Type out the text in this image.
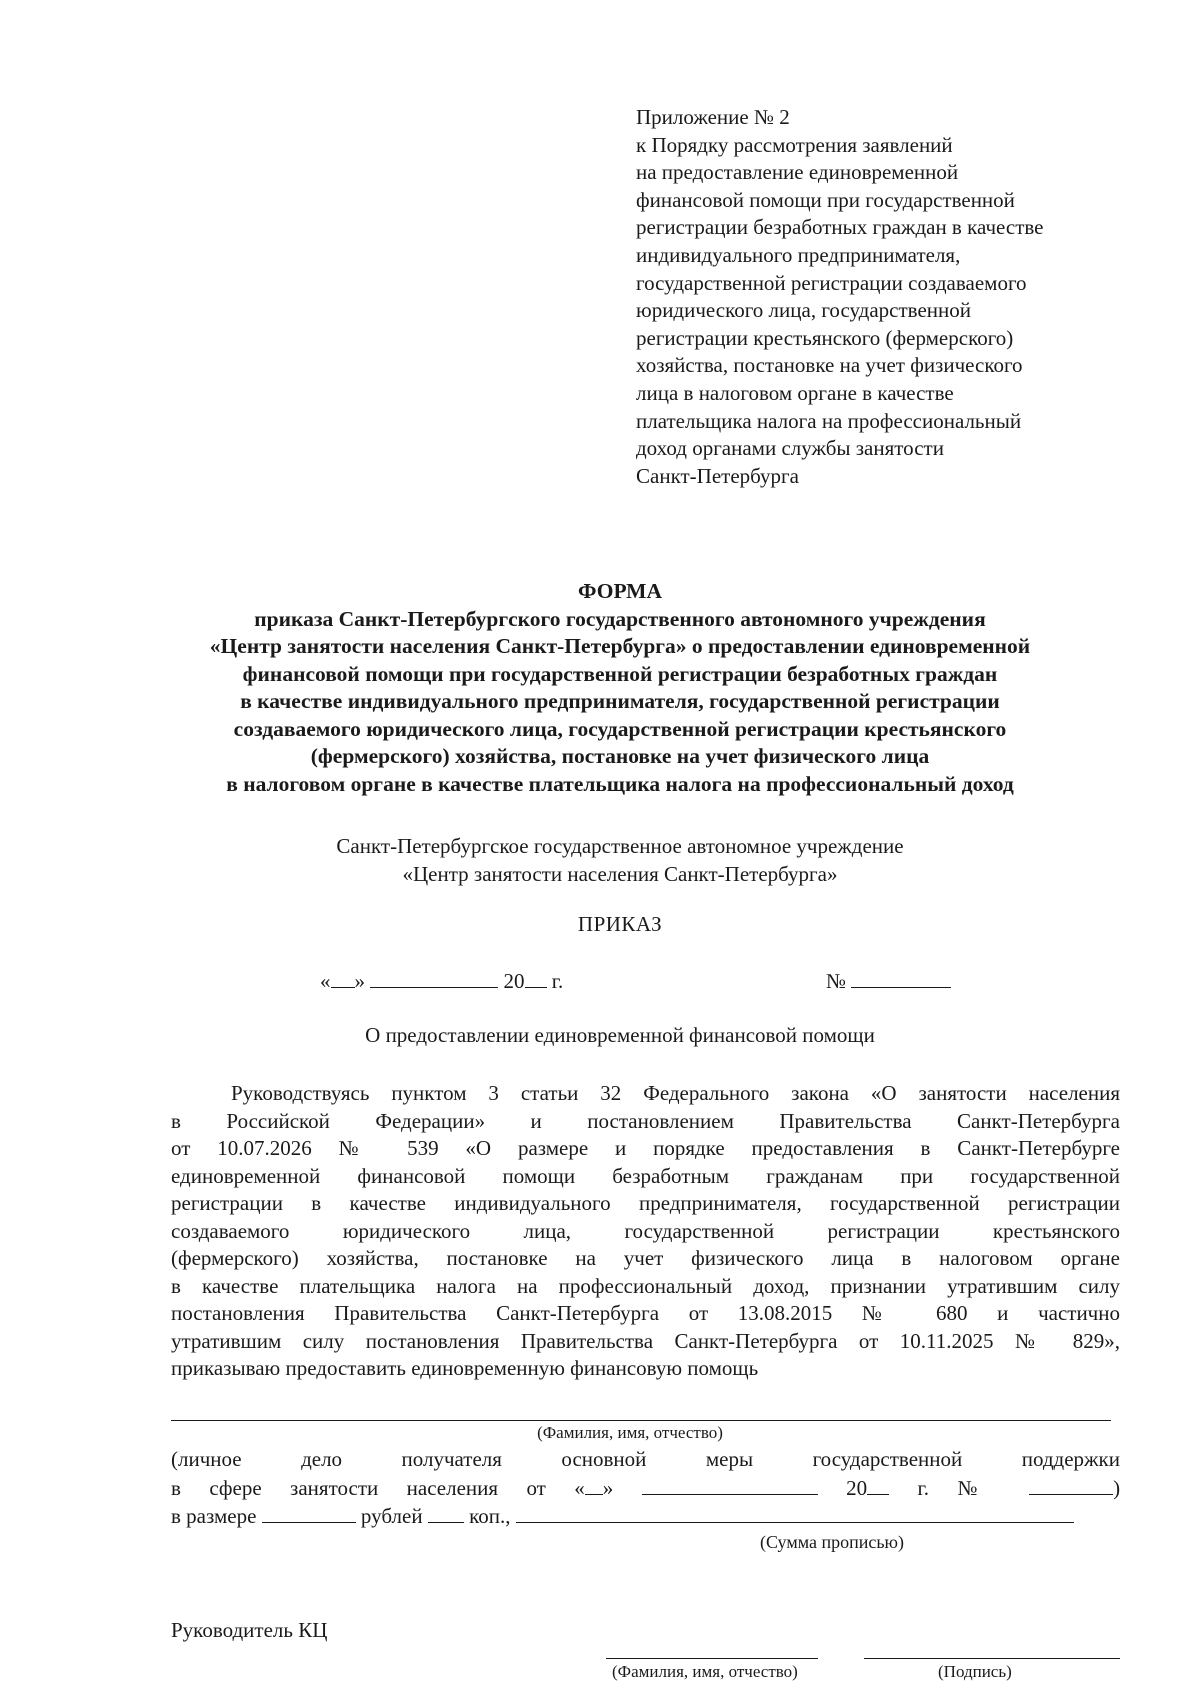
Приложение № 2
к Порядку рассмотрения заявлений
на предоставление единовременной
финансовой помощи при государственной
регистрации безработных граждан в качестве
индивидуального предпринимателя,
государственной регистрации создаваемого
юридического лица, государственной
регистрации крестьянского (фермерского)
хозяйства, постановке на учет физического
лица в налоговом органе в качестве
плательщика налога на профессиональный
доход органами службы занятости
Санкт-Петербурга
ФОРМА
приказа Санкт-Петербургского государственного автономного учреждения
«Центр занятости населения Санкт-Петербурга» о предоставлении единовременной
финансовой помощи при государственной регистрации безработных граждан
в качестве индивидуального предпринимателя, государственной регистрации
создаваемого юридического лица, государственной регистрации крестьянского
(фермерского) хозяйства, постановке на учет физического лица
в налоговом органе в качестве плательщика налога на профессиональный доход
Санкт-Петербургское государственное автономное учреждение
«Центр занятости населения Санкт-Петербурга»
ПРИКАЗ
« »	20 г.	№
О предоставлении единовременной финансовой помощи
Руководствуясь пунктом 3 статьи 32 Федерального закона «О занятости населения
в Российской Федерации» и постановлением Правительства Санкт-Петербурга
от 10.07.2026 № 539 «О размере и порядке предоставления в Санкт-Петербурге
единовременной финансовой помощи безработным гражданам при государственной
регистрации в качестве индивидуального предпринимателя, государственной регистрации
создаваемого юридического лица, государственной регистрации крестьянского
(фермерского) хозяйства, постановке на учет физического лица в налоговом органе
в качестве плательщика налога на профессиональный доход, признании утратившим силу
постановления Правительства Санкт-Петербурга от 13.08.2015 № 680 и частично
утратившим силу постановления Правительства Санкт-Петербурга от 10.11.2025 № 829»,
приказываю предоставить единовременную финансовую помощь
(Фамилия, имя, отчество)
(личное дело получателя основной меры государственной поддержки
в сфере занятости населения от « »	20 г. №	)
в размере	рублей коп.,
(Сумма прописью)
Руководитель КЦ
(Фамилия, имя, отчество)	(Подпись)
